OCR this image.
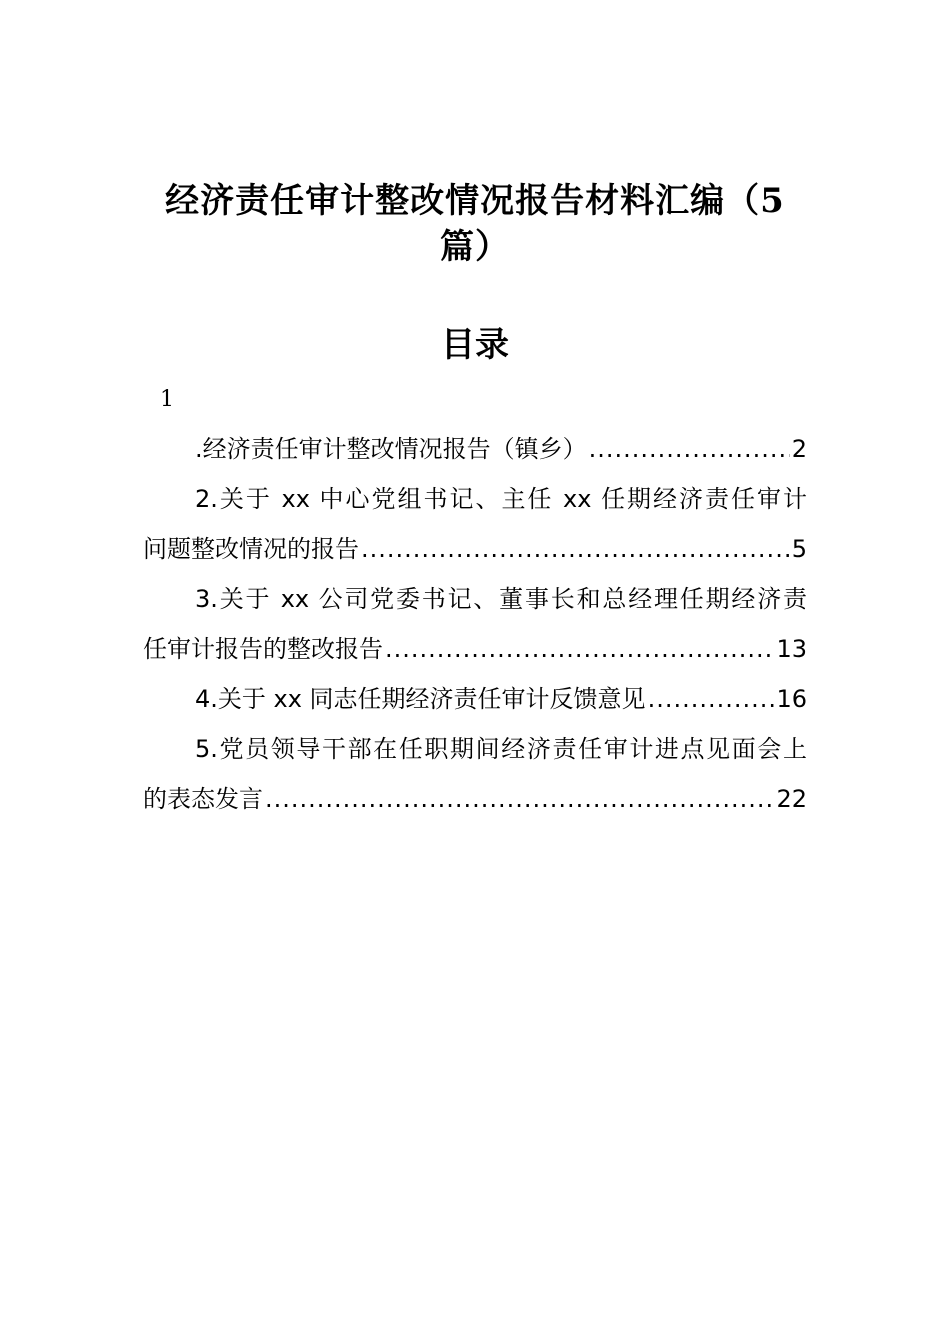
经济责任审计整改情况报告材料汇编（5篇）
目录
1
.经济责任审计整改情况报告（镇乡） .....	2
2.关于 xx 中心党组书记、主任 xx 任期经济责任审计
问题整改情况的报告 .....	5
3.关于 xx 公司党委书记、董事长和总经理任期经济责
任审计报告的整改报告 .....	13
4.关于 xx 同志任期经济责任审计反馈意见 .....	16
5.党员领导干部在任职期间经济责任审计进点见面会上
的表态发言 .....	22
